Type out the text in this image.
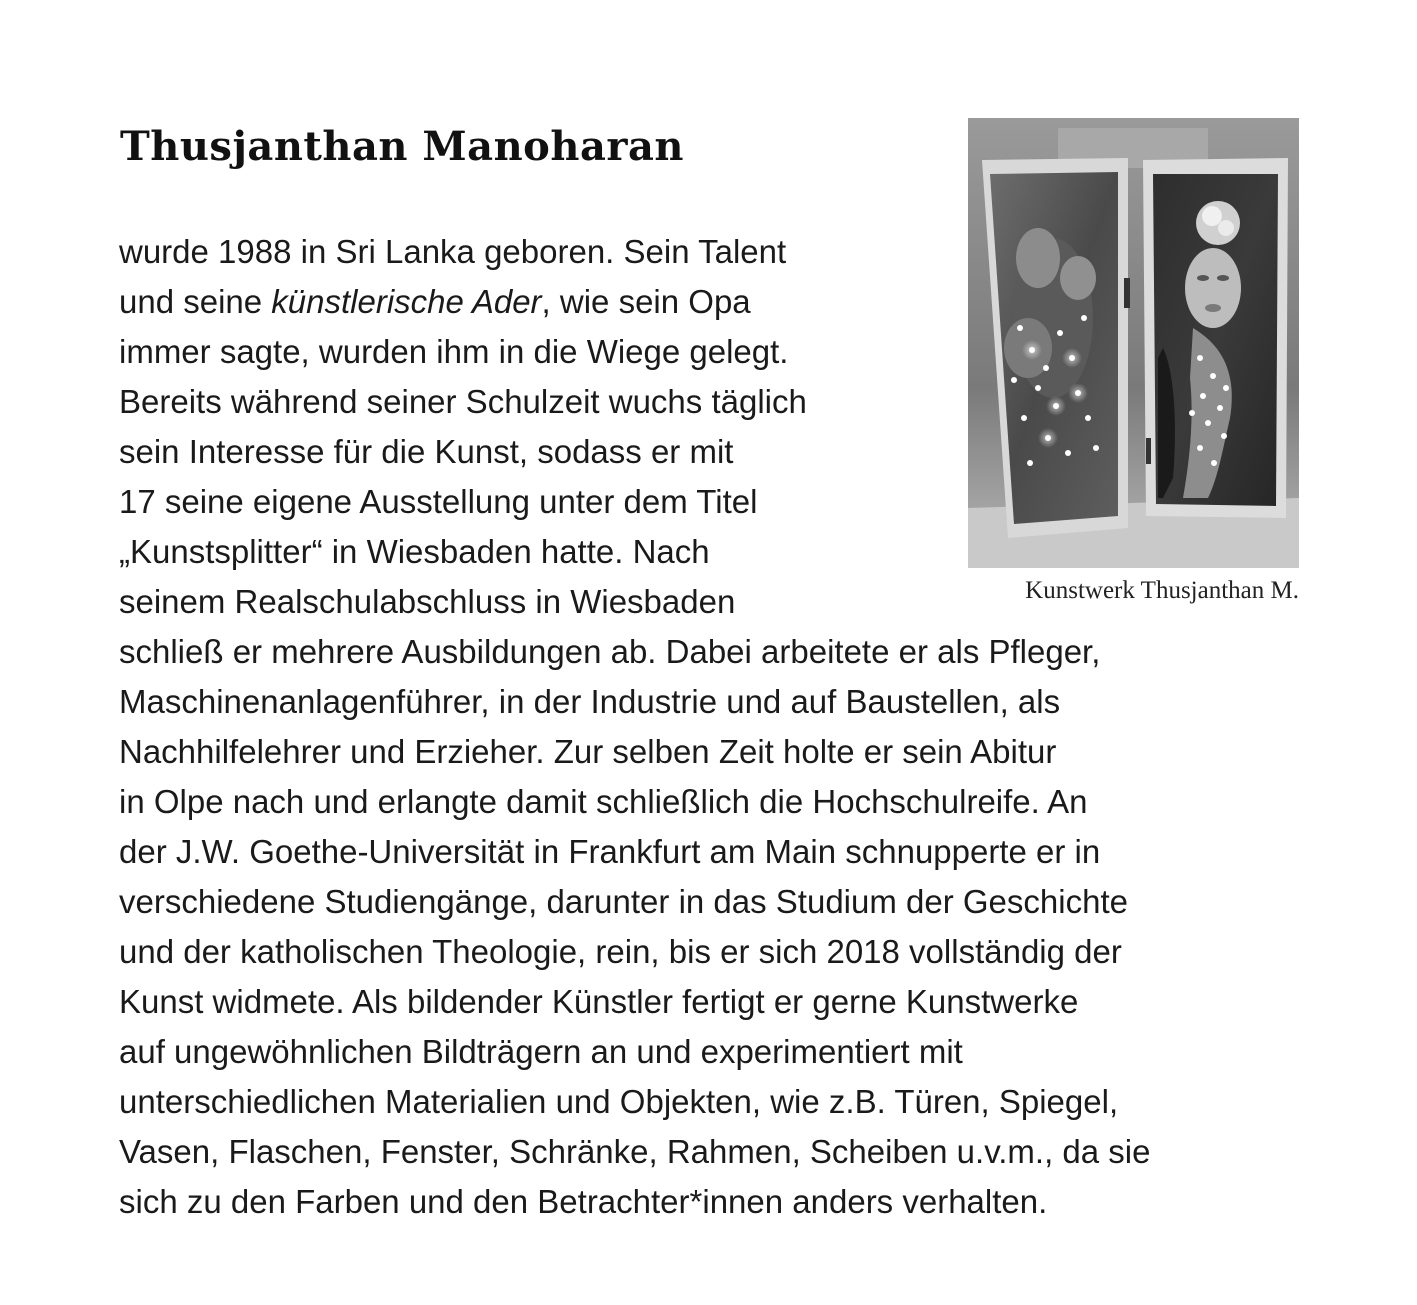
Thusjanthan Manoharan
Kunstwerk Thusjanthan M.
wurde 1988 in Sri Lanka geboren. Sein Talent
und seine künstlerische Ader, wie sein Opa
immer sagte, wurden ihm in die Wiege gelegt.
Bereits während seiner Schulzeit wuchs täglich
sein Interesse für die Kunst, sodass er mit
17 seine eigene Ausstellung unter dem Titel
„Kunstsplitter“ in Wiesbaden hatte. Nach
seinem Realschulabschluss in Wiesbaden
schließ er mehrere Ausbildungen ab. Dabei arbeitete er als Pfleger,
Maschinenanlagenführer, in der Industrie und auf Baustellen, als
Nachhilfelehrer und Erzieher. Zur selben Zeit holte er sein Abitur
in Olpe nach und erlangte damit schließlich die Hochschulreife. An
der J.W. Goethe-Universität in Frankfurt am Main schnupperte er in
verschiedene Studiengänge, darunter in das Studium der Geschichte
und der katholischen Theologie, rein, bis er sich 2018 vollständig der
Kunst widmete. Als bildender Künstler fertigt er gerne Kunstwerke
auf ungewöhnlichen Bildträgern an und experimentiert mit
unterschiedlichen Materialien und Objekten, wie z.B. Türen, Spiegel,
Vasen, Flaschen, Fenster, Schränke, Rahmen, Scheiben u.v.m., da sie
sich zu den Farben und den Betrachter*innen anders verhalten.
